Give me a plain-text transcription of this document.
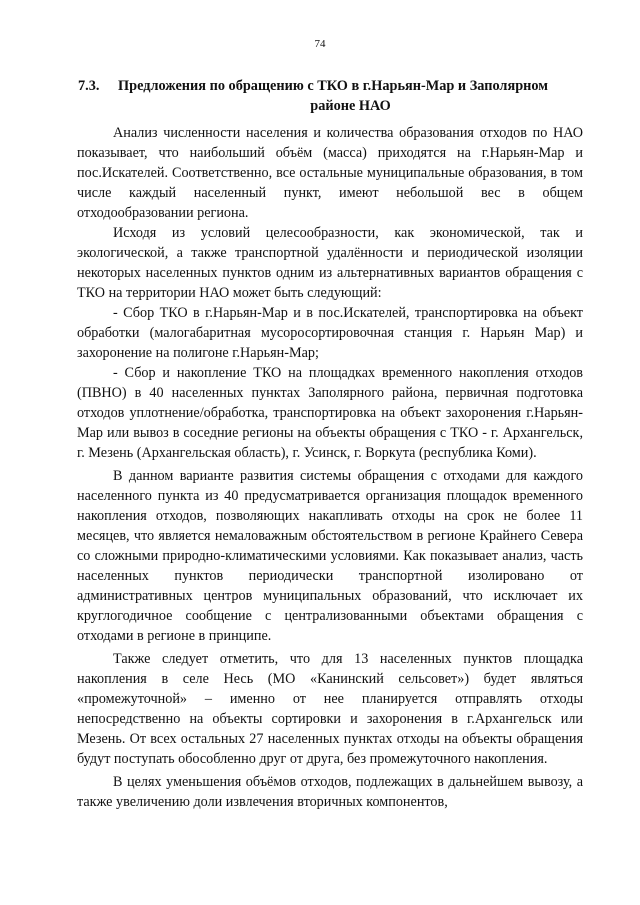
74
7.3.	Предложения по обращению с ТКО в г.Нарьян-Мар и Заполярном
районе НАО

Анализ численности населения и количества образования отходов по НАО показывает, что наибольший объём (масса) приходятся на г.Нарьян-Мар и пос.Искателей. Соответственно, все остальные муниципальные образования, в том числе каждый населенный пункт, имеют небольшой вес в общем отходообразовании региона.

Исходя из условий целесообразности, как экономической, так и экологической, а также транспортной удалённости и периодической изоляции некоторых населенных пунктов одним из альтернативных вариантов обращения с ТКО на территории НАО может быть следующий:

- Сбор ТКО в г.Нарьян-Мар и в пос.Искателей, транспортировка на объект обработки (малогабаритная мусоросортировочная станция г. Нарьян Мар) и захоронение на полигоне г.Нарьян-Мар;

- Сбор и накопление ТКО на площадках временного накопления отходов (ПВНО) в 40 населенных пунктах Заполярного района, первичная подготовка отходов уплотнение/обработка, транспортировка на объект захоронения г.Нарьян-Мар или вывоз в соседние регионы на объекты обращения с ТКО - г. Архангельск, г. Мезень (Архангельская область), г. Усинск, г. Воркута (республика Коми).

В данном варианте развития системы обращения с отходами для каждого населенного пункта из 40 предусматривается организация площадок временного накопления отходов, позволяющих накапливать отходы на срок не более 11 месяцев, что является немаловажным обстоятельством в регионе Крайнего Севера со сложными природно-климатическими условиями. Как показывает анализ, часть населенных пунктов периодически транспортной изолировано от административных центров муниципальных образований, что исключает их круглогодичное сообщение с централизованными объектами обращения с отходами в регионе в принципе.

Также следует отметить, что для 13 населенных пунктов площадка накопления в селе Несь (МО «Канинский сельсовет») будет являться «промежуточной» – именно от нее планируется отправлять отходы непосредственно на объекты сортировки и захоронения в г.Архангельск или Мезень. От всех остальных 27 населенных пунктах отходы на объекты обращения будут поступать обособленно друг от друга, без промежуточного накопления.

В целях уменьшения объёмов отходов, подлежащих в дальнейшем вывозу, а также увеличению доли извлечения вторичных компонентов,
